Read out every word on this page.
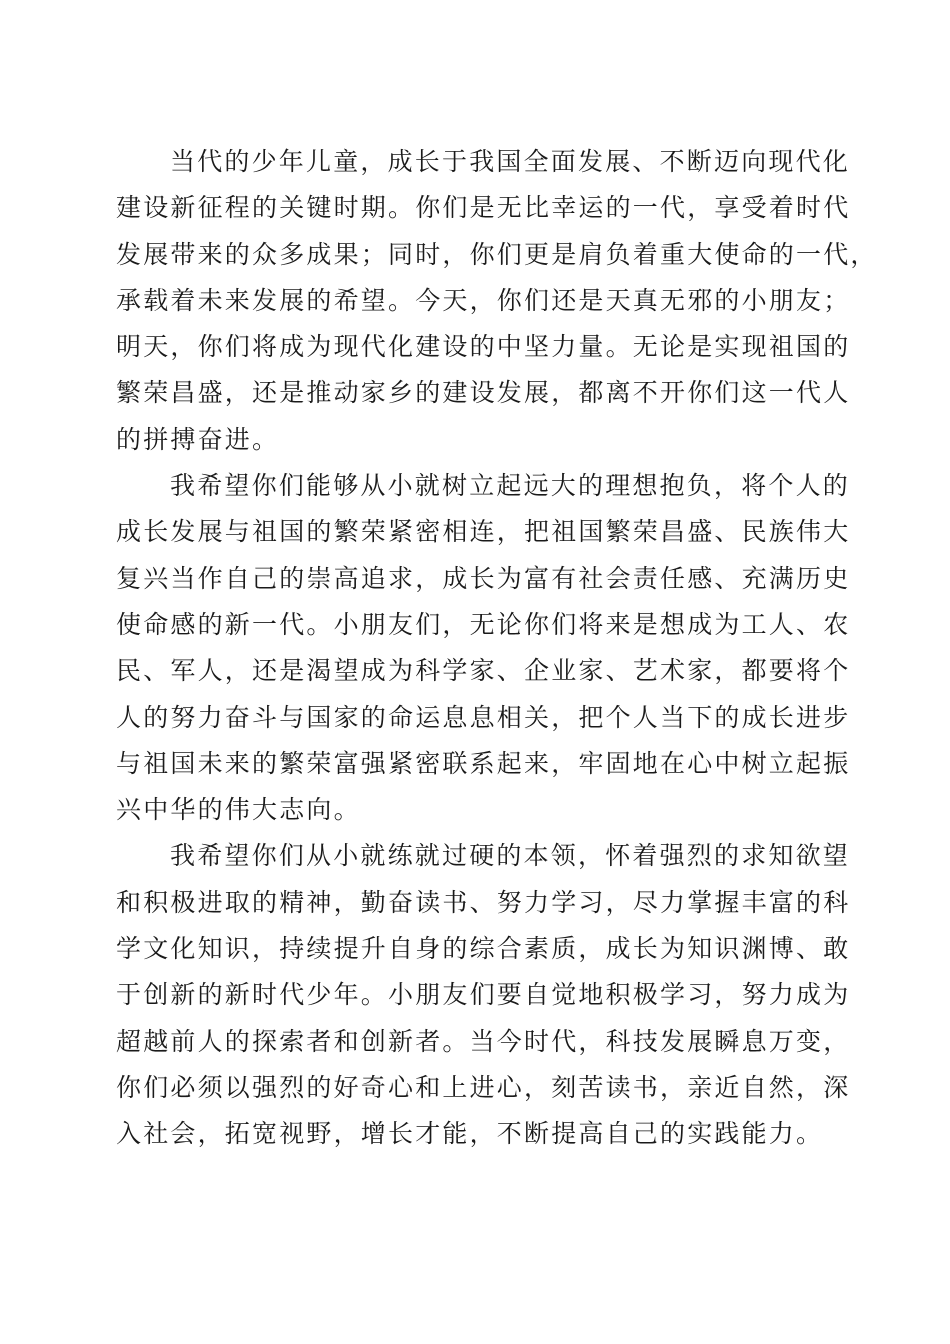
当代的少年儿童，成长于我国全面发展、不断迈向现代化
建设新征程的关键时期。你们是无比幸运的一代，享受着时代
发展带来的众多成果；同时，你们更是肩负着重大使命的一代，
承载着未来发展的希望。今天，你们还是天真无邪的小朋友；
明天，你们将成为现代化建设的中坚力量。无论是实现祖国的
繁荣昌盛，还是推动家乡的建设发展，都离不开你们这一代人
的拼搏奋进。

我希望你们能够从小就树立起远大的理想抱负，将个人的
成长发展与祖国的繁荣紧密相连，把祖国繁荣昌盛、民族伟大
复兴当作自己的崇高追求，成长为富有社会责任感、充满历史
使命感的新一代。小朋友们，无论你们将来是想成为工人、农
民、军人，还是渴望成为科学家、企业家、艺术家，都要将个
人的努力奋斗与国家的命运息息相关，把个人当下的成长进步
与祖国未来的繁荣富强紧密联系起来，牢固地在心中树立起振
兴中华的伟大志向。

我希望你们从小就练就过硬的本领，怀着强烈的求知欲望
和积极进取的精神，勤奋读书、努力学习，尽力掌握丰富的科
学文化知识，持续提升自身的综合素质，成长为知识渊博、敢
于创新的新时代少年。小朋友们要自觉地积极学习，努力成为
超越前人的探索者和创新者。当今时代，科技发展瞬息万变，
你们必须以强烈的好奇心和上进心，刻苦读书，亲近自然，深
入社会，拓宽视野，增长才能，不断提高自己的实践能力。
